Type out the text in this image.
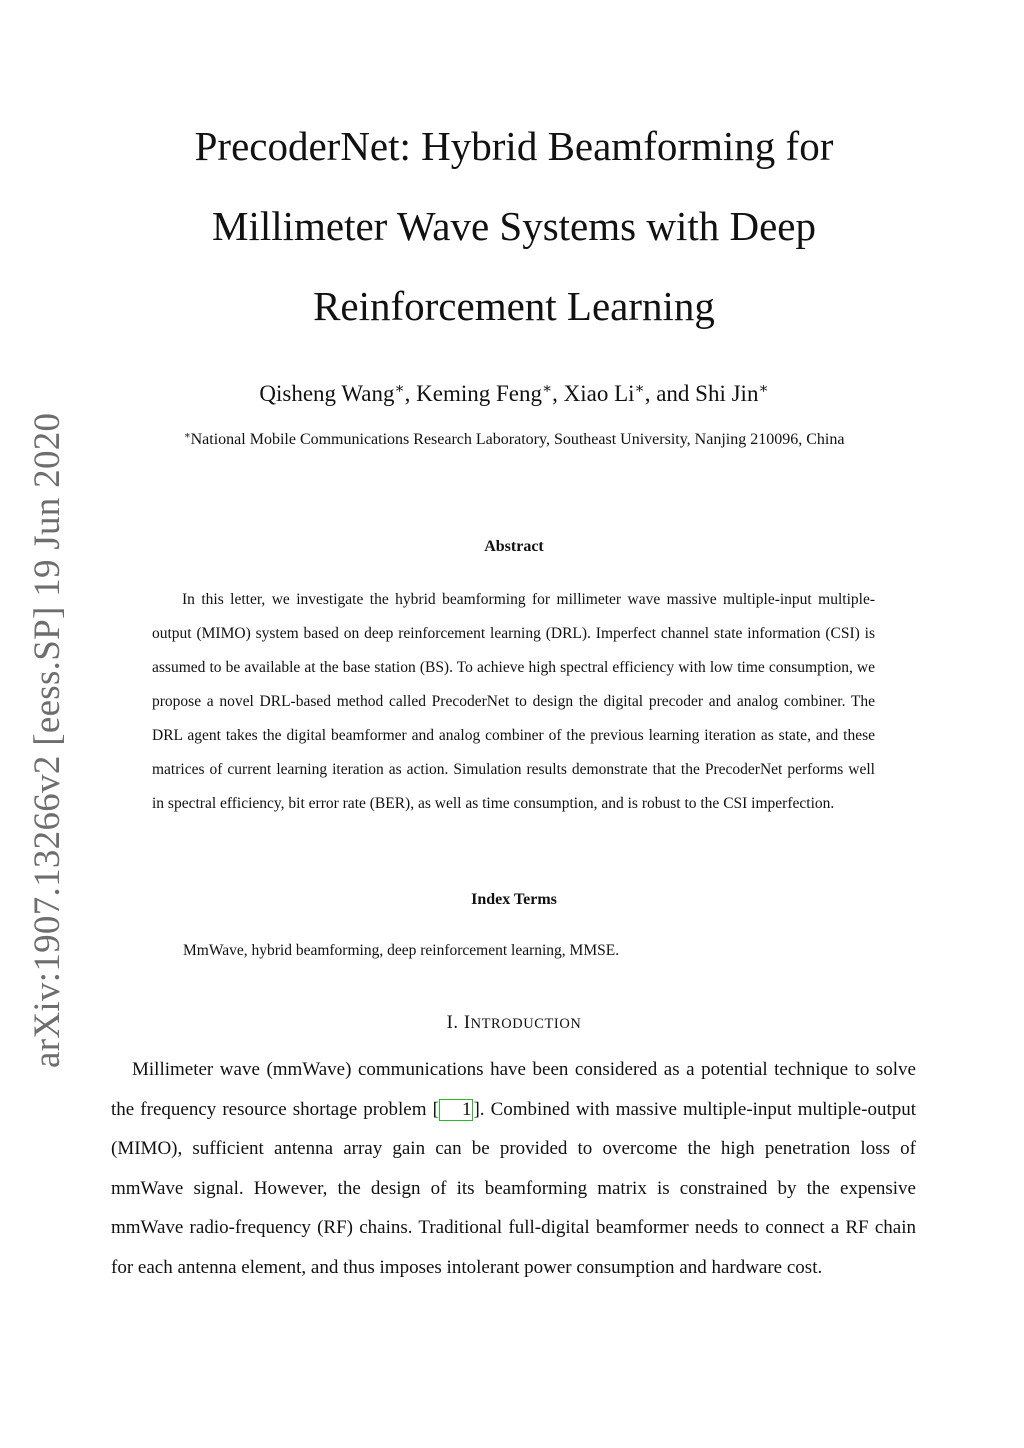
arXiv:1907.13266v2 [eess.SP] 19 Jun 2020
PrecoderNet: Hybrid Beamforming for
Millimeter Wave Systems with Deep
Reinforcement Learning
Qisheng Wang∗, Keming Feng∗, Xiao Li∗, and Shi Jin∗
∗National Mobile Communications Research Laboratory, Southeast University, Nanjing 210096, China
Abstract

In this letter, we investigate the hybrid beamforming for millimeter wave massive multiple-input multiple-output (MIMO) system based on deep reinforcement learning (DRL). Imperfect channel state information (CSI) is assumed to be available at the base station (BS). To achieve high spectral efficiency with low time consumption, we propose a novel DRL-based method called PrecoderNet to design the digital precoder and analog combiner. The DRL agent takes the digital beamformer and analog combiner of the previous learning iteration as state, and these matrices of current learning iteration as action. Simulation results demonstrate that the PrecoderNet performs well in spectral efficiency, bit error rate (BER), as well as time consumption, and is robust to the CSI imperfection.

Index Terms

MmWave, hybrid beamforming, deep reinforcement learning, MMSE.

I. INTRODUCTION

Millimeter wave (mmWave) communications have been considered as a potential technique to solve the frequency resource shortage problem [ 1 ]. Combined with massive multiple-input multiple-output (MIMO), sufficient antenna array gain can be provided to overcome the high penetration loss of mmWave signal. However, the design of its beamforming matrix is constrained by the expensive mmWave radio-frequency (RF) chains. Traditional full-digital beamformer needs to connect a RF chain for each antenna element, and thus imposes intolerant power consumption and hardware cost.
